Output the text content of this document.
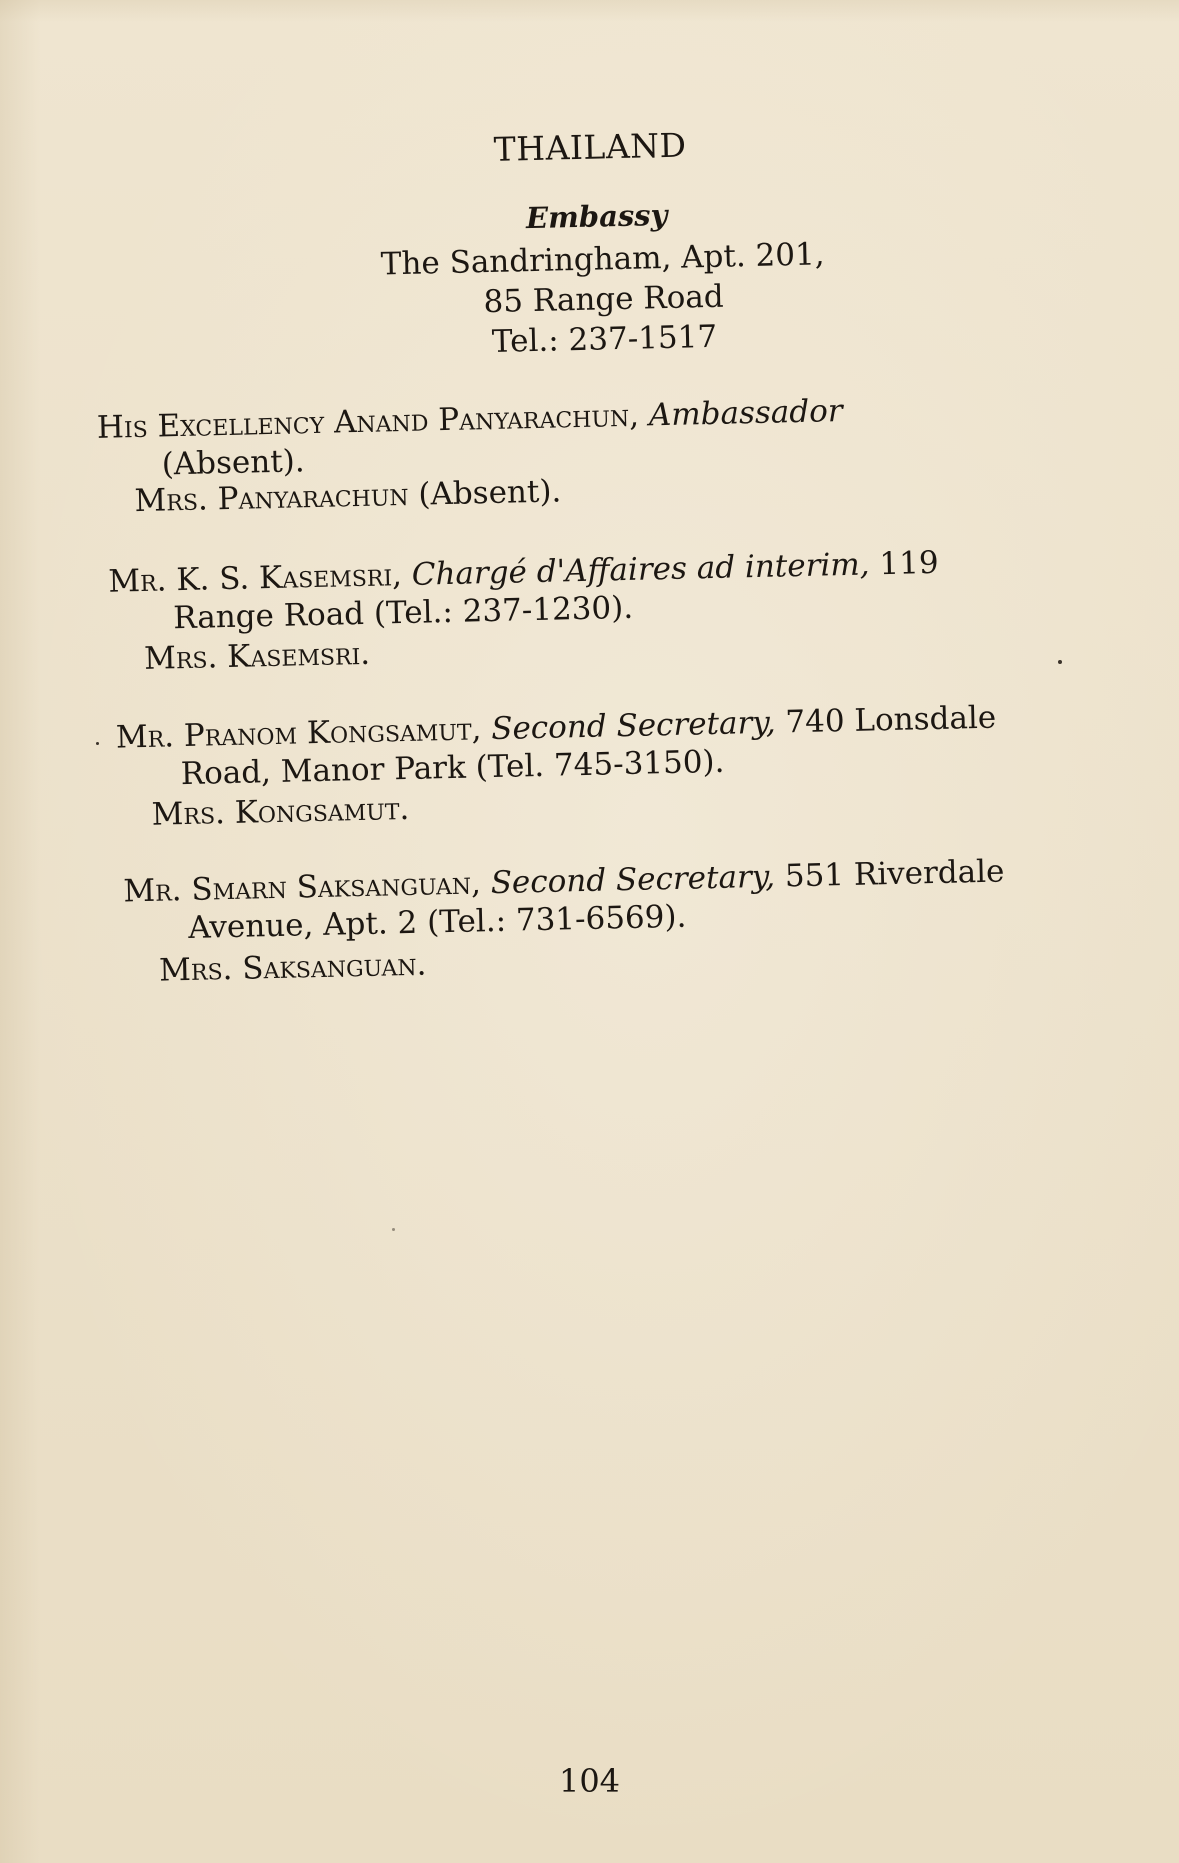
THAILAND
Embassy
The Sandringham, Apt. 201,
85 Range Road
Tel.: 237-1517
His Excellency Anand Panyarachun, Ambassador
(Absent).
Mrs. Panyarachun (Absent).
Mr. K. S. Kasemsri, Chargé d'Affaires ad interim, 119
Range Road (Tel.: 237-1230).
Mrs. Kasemsri.
Mr. Pranom Kongsamut, Second Secretary, 740 Lonsdale
Road, Manor Park (Tel. 745-3150).
Mrs. Kongsamut.
Mr. Smarn Saksanguan, Second Secretary, 551 Riverdale
Avenue, Apt. 2 (Tel.: 731-6569).
Mrs. Saksanguan.
104
